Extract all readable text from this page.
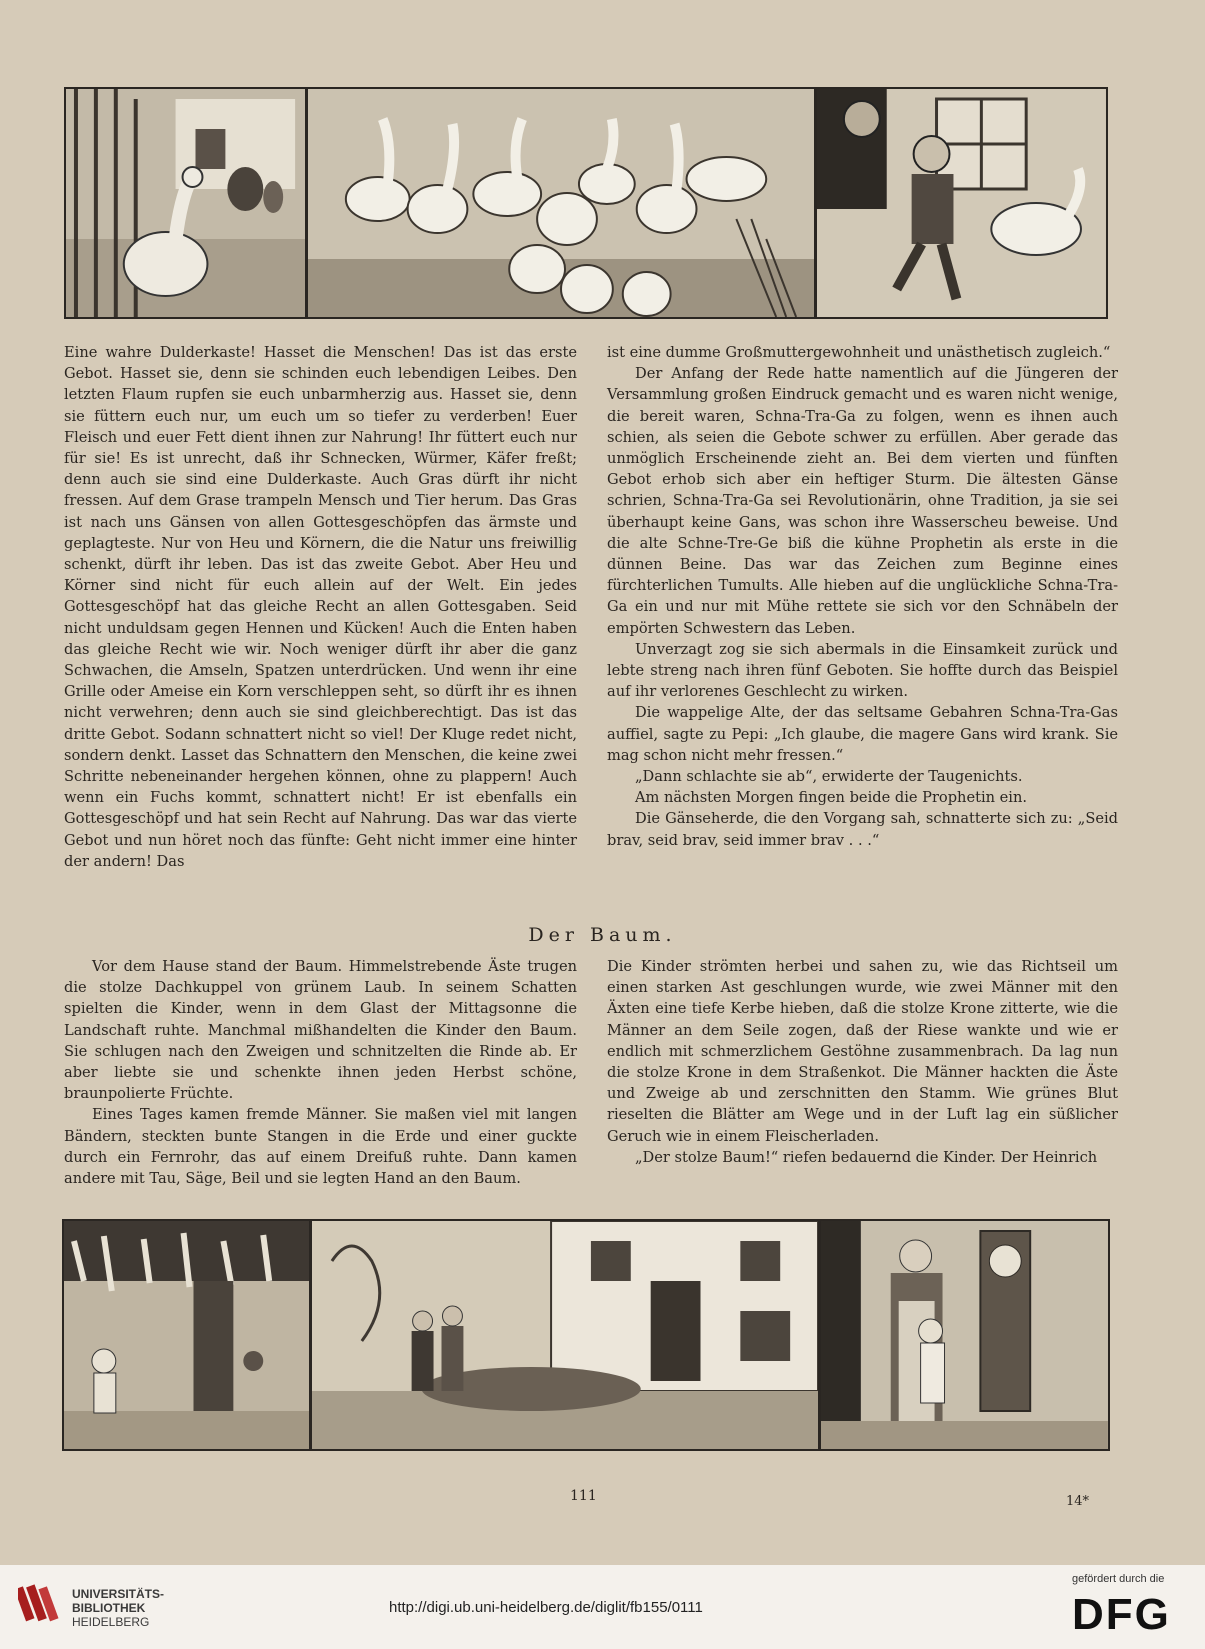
Eine wahre Dulderkaste! Hasset die Menschen! Das ist das erste Gebot. Hasset sie, denn sie schinden euch lebendigen Leibes. Den letzten Flaum rupfen sie euch unbarmherzig aus. Hasset sie, denn sie füttern euch nur, um euch um so tiefer zu verderben! Euer Fleisch und euer Fett dient ihnen zur Nahrung! Ihr füttert euch nur für sie! Es ist unrecht, daß ihr Schnecken, Würmer, Käfer freßt; denn auch sie sind eine Dulderkaste. Auch Gras dürft ihr nicht fressen. Auf dem Grase trampeln Mensch und Tier herum. Das Gras ist nach uns Gänsen von allen Gottesgeschöpfen das ärmste und geplagteste. Nur von Heu und Körnern, die die Natur uns freiwillig schenkt, dürft ihr leben. Das ist das zweite Gebot. Aber Heu und Körner sind nicht für euch allein auf der Welt. Ein jedes Gottesgeschöpf hat das gleiche Recht an allen Gottesgaben. Seid nicht unduldsam gegen Hennen und Kücken! Auch die Enten haben das gleiche Recht wie wir. Noch weniger dürft ihr aber die ganz Schwachen, die Amseln, Spatzen unterdrücken. Und wenn ihr eine Grille oder Ameise ein Korn verschleppen seht, so dürft ihr es ihnen nicht verwehren; denn auch sie sind gleichberechtigt. Das ist das dritte Gebot. Sodann schnattert nicht so viel! Der Kluge redet nicht, sondern denkt. Lasset das Schnattern den Menschen, die keine zwei Schritte nebeneinander hergehen können, ohne zu plappern! Auch wenn ein Fuchs kommt, schnattert nicht! Er ist ebenfalls ein Gottesgeschöpf und hat sein Recht auf Nahrung. Das war das vierte Gebot und nun höret noch das fünfte: Geht nicht immer eine hinter der andern! Das

ist eine dumme Großmuttergewohnheit und unästhetisch zugleich.“

Der Anfang der Rede hatte namentlich auf die Jüngeren der Versammlung großen Eindruck gemacht und es waren nicht wenige, die bereit waren, Schna-Tra-Ga zu folgen, wenn es ihnen auch schien, als seien die Gebote schwer zu erfüllen. Aber gerade das unmöglich Erscheinende zieht an. Bei dem vierten und fünften Gebot erhob sich aber ein heftiger Sturm. Die ältesten Gänse schrien, Schna-Tra-Ga sei Revolutionärin, ohne Tradition, ja sie sei überhaupt keine Gans, was schon ihre Wasserscheu beweise. Und die alte Schne-Tre-Ge biß die kühne Prophetin als erste in die dünnen Beine. Das war das Zeichen zum Beginne eines fürchterlichen Tumults. Alle hieben auf die unglückliche Schna-Tra-Ga ein und nur mit Mühe rettete sie sich vor den Schnäbeln der empörten Schwestern das Leben.

Unverzagt zog sie sich abermals in die Einsamkeit zurück und lebte streng nach ihren fünf Geboten. Sie hoffte durch das Beispiel auf ihr verlorenes Geschlecht zu wirken.

Die wappelige Alte, der das seltsame Gebahren Schna-Tra-Gas auffiel, sagte zu Pepi: „Ich glaube, die magere Gans wird krank. Sie mag schon nicht mehr fressen.“

„Dann schlachte sie ab“, erwiderte der Taugenichts.

Am nächsten Morgen fingen beide die Prophetin ein.

Die Gänseherde, die den Vorgang sah, schnatterte sich zu: „Seid brav, seid brav, seid immer brav . . .“

Der Baum.

Vor dem Hause stand der Baum. Himmelstrebende Äste trugen die stolze Dachkuppel von grünem Laub. In seinem Schatten spielten die Kinder, wenn in dem Glast der Mittagsonne die Landschaft ruhte. Manchmal mißhandelten die Kinder den Baum. Sie schlugen nach den Zweigen und schnitzelten die Rinde ab. Er aber liebte sie und schenkte ihnen jeden Herbst schöne, braunpolierte Früchte.

Eines Tages kamen fremde Männer. Sie maßen viel mit langen Bändern, steckten bunte Stangen in die Erde und einer guckte durch ein Fernrohr, das auf einem Dreifuß ruhte. Dann kamen andere mit Tau, Säge, Beil und sie legten Hand an den Baum.

Die Kinder strömten herbei und sahen zu, wie das Richtseil um einen starken Ast geschlungen wurde, wie zwei Männer mit den Äxten eine tiefe Kerbe hieben, daß die stolze Krone zitterte, wie die Männer an dem Seile zogen, daß der Riese wankte und wie er endlich mit schmerzlichem Gestöhne zusammenbrach. Da lag nun die stolze Krone in dem Straßenkot. Die Männer hackten die Äste und Zweige ab und zerschnitten den Stamm. Wie grünes Blut rieselten die Blätter am Wege und in der Luft lag ein süßlicher Geruch wie in einem Fleischerladen.

„Der stolze Baum!“ riefen bedauernd die Kinder. Der Heinrich

111	14*
UNIVERSITÄTS-
BIBLIOTHEK
HEIDELBERG
http://digi.ub.uni-heidelberg.de/diglit/fb155/0111
gefördert durch die
DFG
